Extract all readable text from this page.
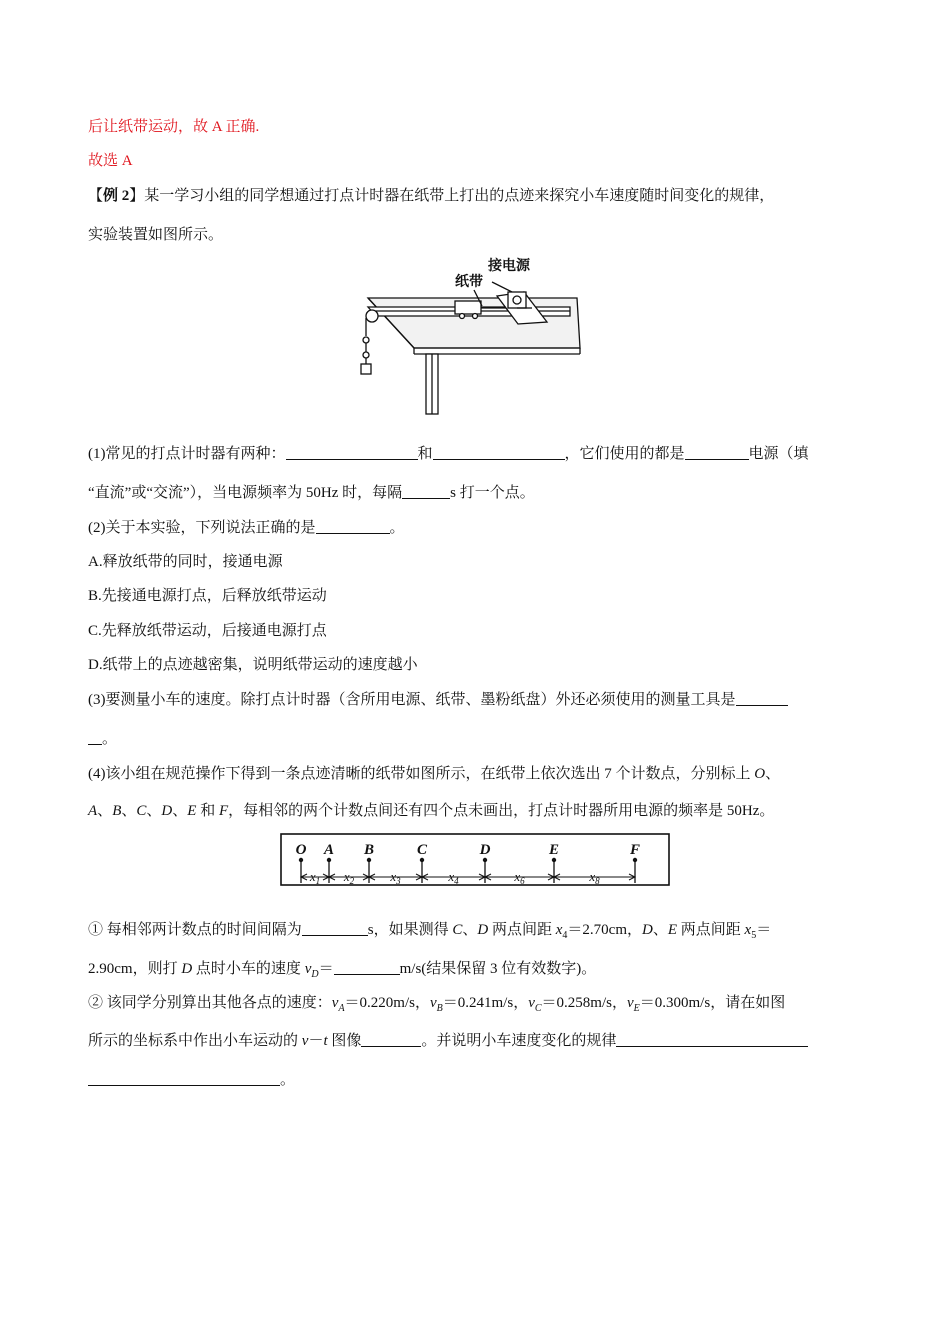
后让纸带运动，故 A 正确.
故选 A
【例 2】某一学习小组的同学想通过打点计时器在纸带上打出的点迹来探究小车速度随时间变化的规律，
实验装置如图所示。
接电源
纸带
(1)常见的打点计时器有两种：	和	，它们使用的都是	电源（填
“直流”或“交流”），当电源频率为 50Hz 时，每隔	s 打一个点。
(2)关于本实验，下列说法正确的是	。
A.释放纸带的同时，接通电源
B.先接通电源打点，后释放纸带运动
C.先释放纸带运动，后接通电源打点
D.纸带上的点迹越密集，说明纸带运动的速度越小
(3)要测量小车的速度。除打点计时器（含所用电源、纸带、墨粉纸盘）外还必须使用的测量工具是
。
(4)该小组在规范操作下得到一条点迹清晰的纸带如图所示，在纸带上依次选出 7 个计数点，分别标上 O、
A、B、C、D、E 和 F，每相邻的两个计数点间还有四个点未画出，打点计时器所用电源的频率是 50Hz。
O A B	C	D	E	F
$x_1$ $x_2$	$x_3$	$x_4$	$x_6$	$x_8$
① 每相邻两计数点的时间间隔为	s，如果测得 C、D 两点间距 $x_4=2.70cm$，D、E 两点间距 $x_5=$
2.90cm，则打 D 点时小车的速度 $v_D=$	m/s(结果保留 3 位有效数字)。
② 该同学分别算出其他各点的速度：$v_A=0.220m/s$，$v_B=0.241m/s$，$v_C=0.258m/s$，$v_E=0.300m/s$，请在如图
所示的坐标系中作出小车运动的 v－t 图像	。并说明小车速度变化的规律
。
